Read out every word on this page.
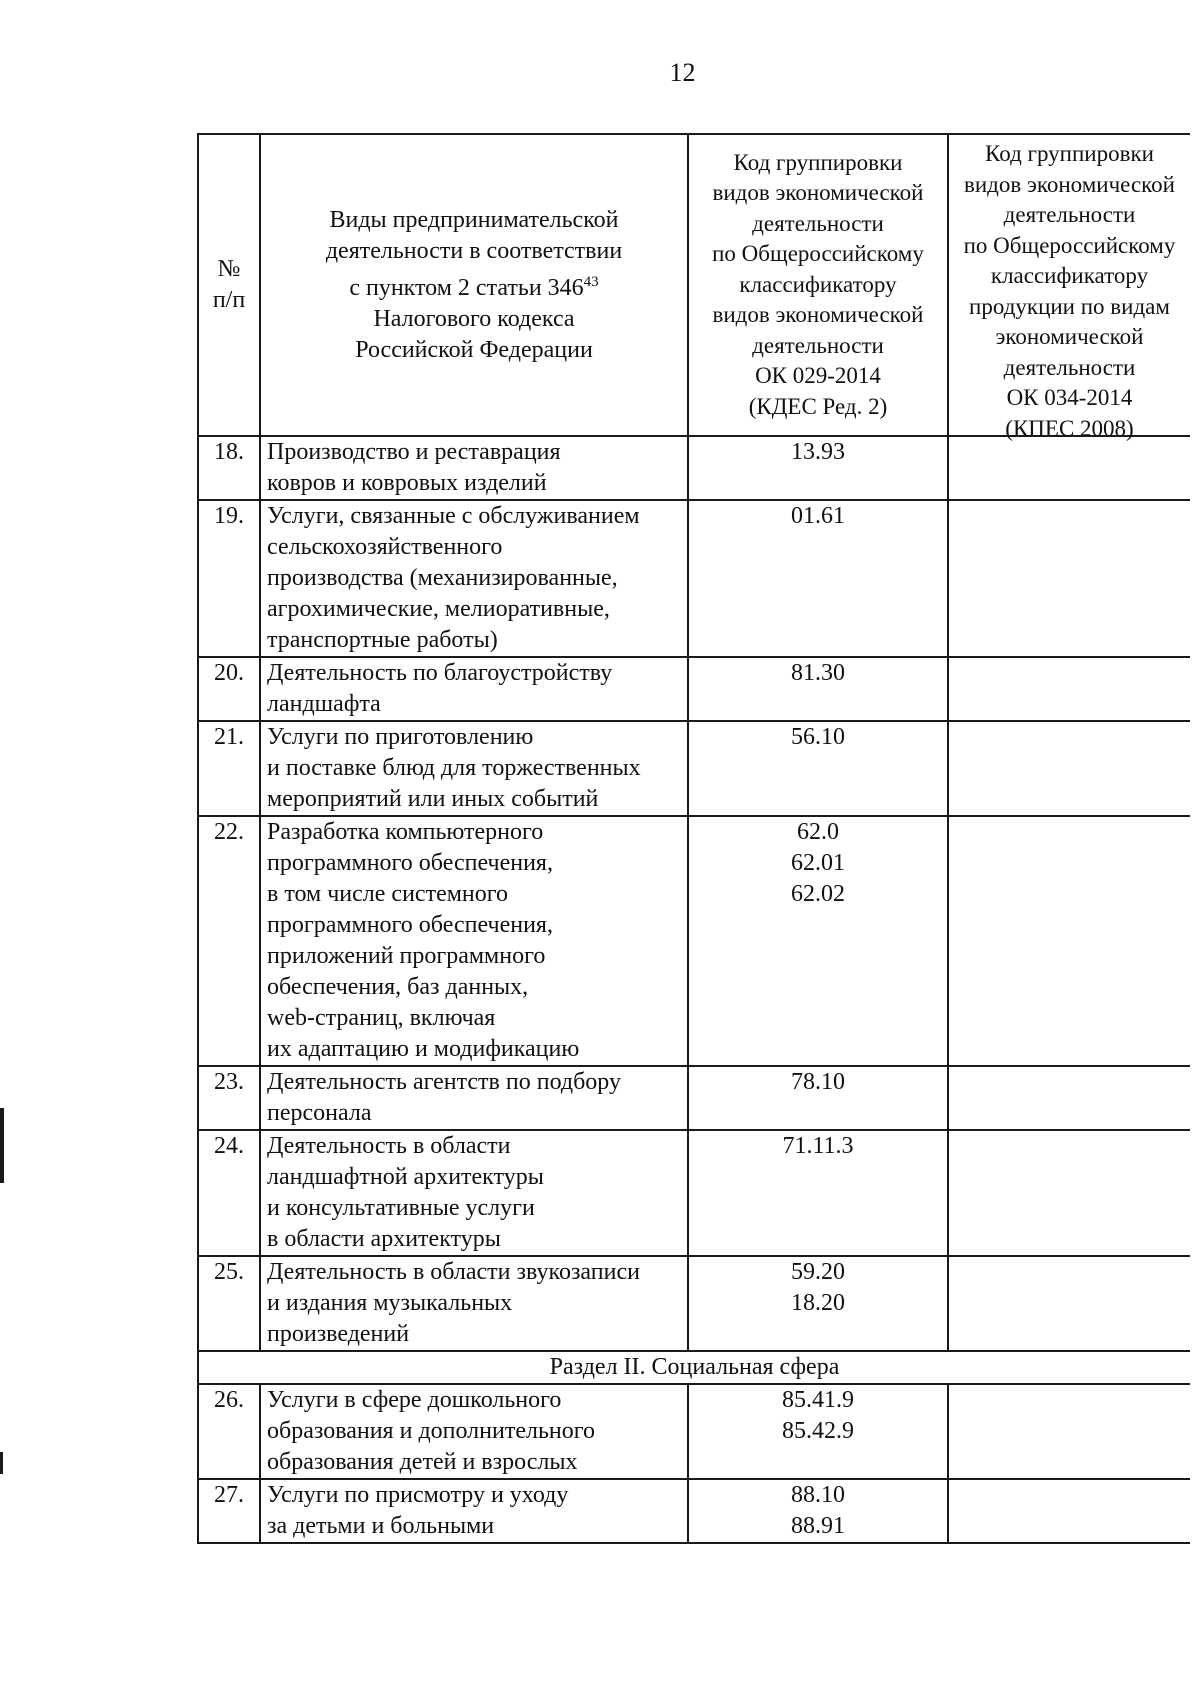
12
№
п/п
Виды предпринимательской
деятельности в соответствии
с пунктом 2 статьи $346^{43}$
Налогового кодекса
Российской Федерации
Код группировки
видов экономической
деятельности
по Общероссийскому
классификатору
видов экономической
деятельности
ОК 029-2014
(КДЕС Ред. 2)
Код группировки
видов экономической
деятельности
по Общероссийскому
классификатору
продукции по видам
экономической
деятельности
ОК 034-2014
(КПЕС 2008)
18. Производство и реставрация
ковров и ковровых изделий
13.93
19. Услуги, связанные с обслуживанием
сельскохозяйственного
производства (механизированные,
агрохимические, мелиоративные,
транспортные работы)
01.61
20. Деятельность по благоустройству
ландшафта
81.30
21. Услуги по приготовлению
и поставке блюд для торжественных
мероприятий или иных событий
56.10
22. Разработка компьютерного
программного обеспечения,
в том числе системного
программного обеспечения,
приложений программного
обеспечения, баз данных,
web-страниц, включая
их адаптацию и модификацию
62.0
62.01
62.02
23. Деятельность агентств по подбору
персонала
78.10
24. Деятельность в области
ландшафтной архитектуры
и консультативные услуги
в области архитектуры
71.11.3
25. Деятельность в области звукозаписи
и издания музыкальных
произведений
59.20
18.20
Раздел II. Социальная сфера
26. Услуги в сфере дошкольного
образования и дополнительного
образования детей и взрослых
85.41.9
85.42.9
27. Услуги по присмотру и уходу
за детьми и больными
88.10
88.91
